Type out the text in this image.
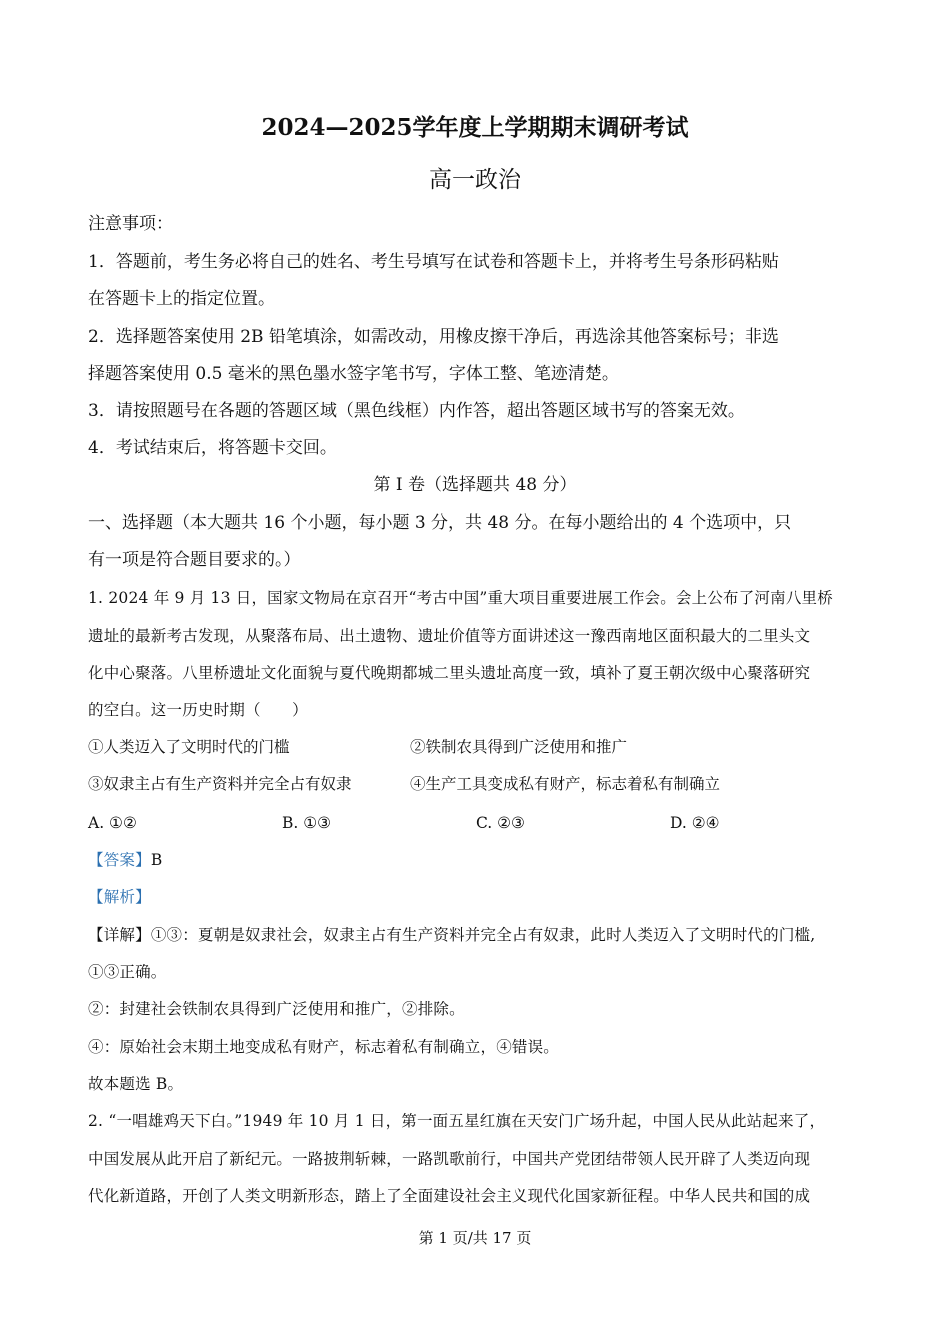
2024—2025学年度上学期期末调研考试
高一政治
注意事项：
1．答题前，考生务必将自己的姓名、考生号填写在试卷和答题卡上，并将考生号条形码粘贴
在答题卡上的指定位置。
2．选择题答案使用 2B 铅笔填涂，如需改动，用橡皮擦干净后，再选涂其他答案标号；非选
择题答案使用 0.5 毫米的黑色墨水签字笔书写，字体工整、笔迹清楚。
3．请按照题号在各题的答题区域（黑色线框）内作答，超出答题区域书写的答案无效。
4．考试结束后，将答题卡交回。
第 I 卷（选择题共 48 分）
一、选择题（本大题共 16 个小题，每小题 3 分，共 48 分。在每小题给出的 4 个选项中，只
有一项是符合题目要求的。）
1. 2024 年 9 月 13 日，国家文物局在京召开“考古中国”重大项目重要进展工作会。会上公布了河南八里桥
遗址的最新考古发现，从聚落布局、出土遗物、遗址价值等方面讲述这一豫西南地区面积最大的二里头文
化中心聚落。八里桥遗址文化面貌与夏代晚期都城二里头遗址高度一致，填补了夏王朝次级中心聚落研究
的空白。这一历史时期（　　）
①人类迈入了文明时代的门槛	②铁制农具得到广泛使用和推广
③奴隶主占有生产资料并完全占有奴隶	④生产工具变成私有财产，标志着私有制确立
A. ①②	B. ①③	C. ②③	D. ②④
【答案】B
【解析】
【详解】①③：夏朝是奴隶社会，奴隶主占有生产资料并完全占有奴隶，此时人类迈入了文明时代的门槛,
①③正确。
②：封建社会铁制农具得到广泛使用和推广，②排除。
④：原始社会末期土地变成私有财产，标志着私有制确立，④错误。
故本题选 B。
2. “一唱雄鸡天下白。”1949 年 10 月 1 日，第一面五星红旗在天安门广场升起，中国人民从此站起来了，
中国发展从此开启了新纪元。一路披荆斩棘，一路凯歌前行，中国共产党团结带领人民开辟了人类迈向现
代化新道路，开创了人类文明新形态，踏上了全面建设社会主义现代化国家新征程。中华人民共和国的成
第 1 页/共 17 页
